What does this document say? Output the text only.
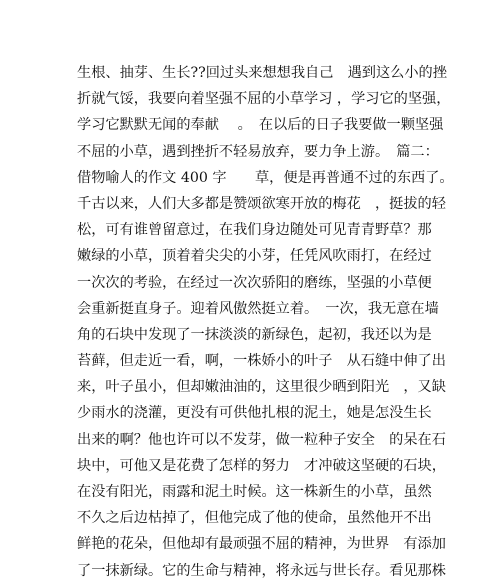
生根、抽芽、生长??回过头来想想我自己　遇到这么小的挫
折就气馁，我要向着坚强不屈的小草学习 ，学习它的坚强，
学习它默默无闻的奉献　 。　在以后的日子我要做一颗坚强
不屈的小草，遇到挫折不轻易放弃，要力争上游。　篇二：
借物喻人的作文 400 字　　草，便是再普通不过的东西了。
千古以来，人们大多都是赞颂欲寒开放的梅花　，挺拔的轻
松，可有谁曾留意过，在我们身边随处可见青青野草？那
嫩绿的小草，顶着着尖尖的小芽，任凭风吹雨打，在经过
一次次的考验，在经过一次次骄阳的磨练，坚强的小草便
会重新挺直身子。迎着风傲然挺立着。　一次，我无意在墙
角的石块中发现了一抹淡淡的新绿色，起初，我还以为是
苔藓，但走近一看，啊，一株娇小的叶子　从石缝中伸了出
来，叶子虽小，但却嫩油油的，这里很少晒到阳光　，又缺
少雨水的浇灌，更没有可供他扎根的泥土，她是怎没生长
出来的啊？他也许可以不发芽，做一粒种子安全　的呆在石
块中，可他又是花费了怎样的努力　才冲破这坚硬的石块，
在没有阳光，雨露和泥土时候。这一株新生的小草，虽然
不久之后边枯掉了，但他完成了他的使命，虽然他开不出
鲜艳的花朵，但他却有最顽强不屈的精神，为世界　有添加
了一抹新绿。它的生命与精神，将永远与世长存。看见那株
